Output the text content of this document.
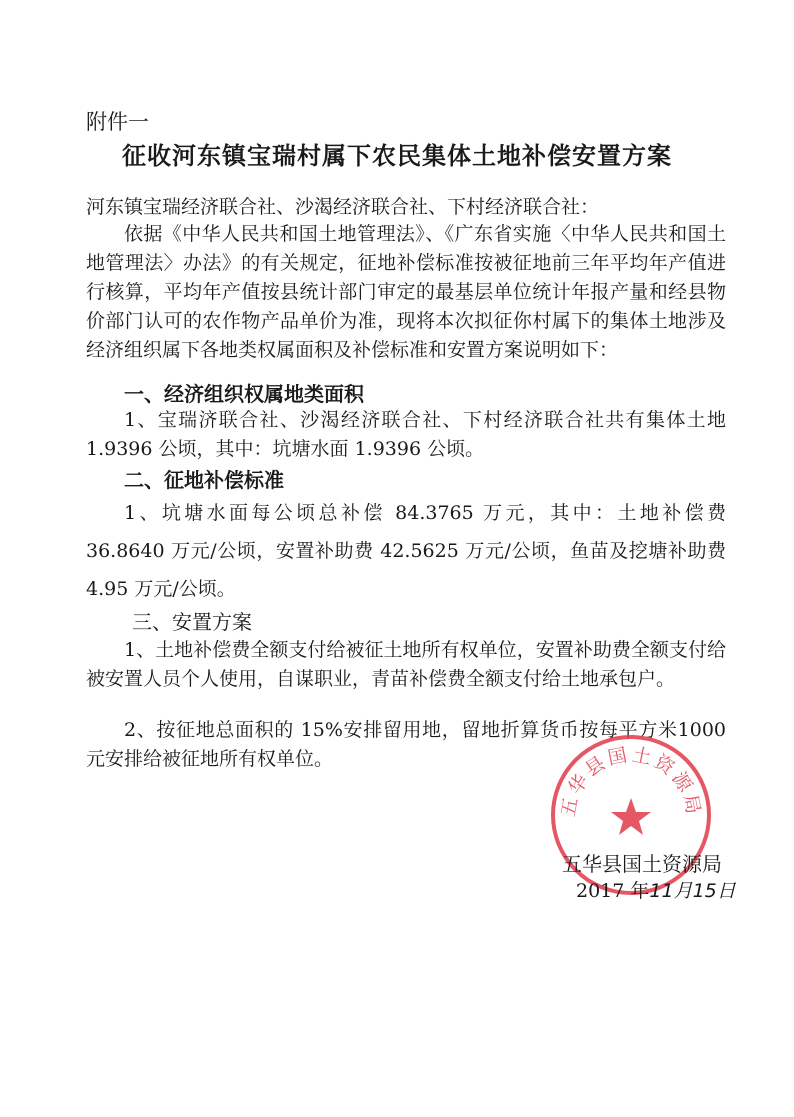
附件一
征收河东镇宝瑞村属下农民集体土地补偿安置方案
河东镇宝瑞经济联合社、沙渴经济联合社、下村经济联合社：

依据《中华人民共和国土地管理法》、《广东省实施〈中华人民共和国土地管理法〉办法》的有关规定，征地补偿标准按被征地前三年平均年产值进行核算，平均年产值按县统计部门审定的最基层单位统计年报产量和经县物价部门认可的农作物产品单价为准，现将本次拟征你村属下的集体土地涉及经济组织属下各地类权属面积及补偿标准和安置方案说明如下：

一、经济组织权属地类面积

1、宝瑞济联合社、沙渴经济联合社、下村经济联合社共有集体土地 1.9396 公顷，其中：坑塘水面 1.9396 公顷。

二、征地补偿标准

1、坑塘水面每公顷总补偿 84.3765 万元，其中：土地补偿费 36.8640 万元/公顷，安置补助费 42.5625 万元/公顷，鱼苗及挖塘补助费 4.95 万元/公顷。

三、安置方案

1、土地补偿费全额支付给被征土地所有权单位，安置补助费全额支付给被安置人员个人使用，自谋职业，青苗补偿费全额支付给土地承包户。

2、按征地总面积的 15%安排留用地，留地折算货币按每平方米1000 元安排给被征地所有权单位。

五华县国土资源局
五华县国土资源局
2017 年11月15日
